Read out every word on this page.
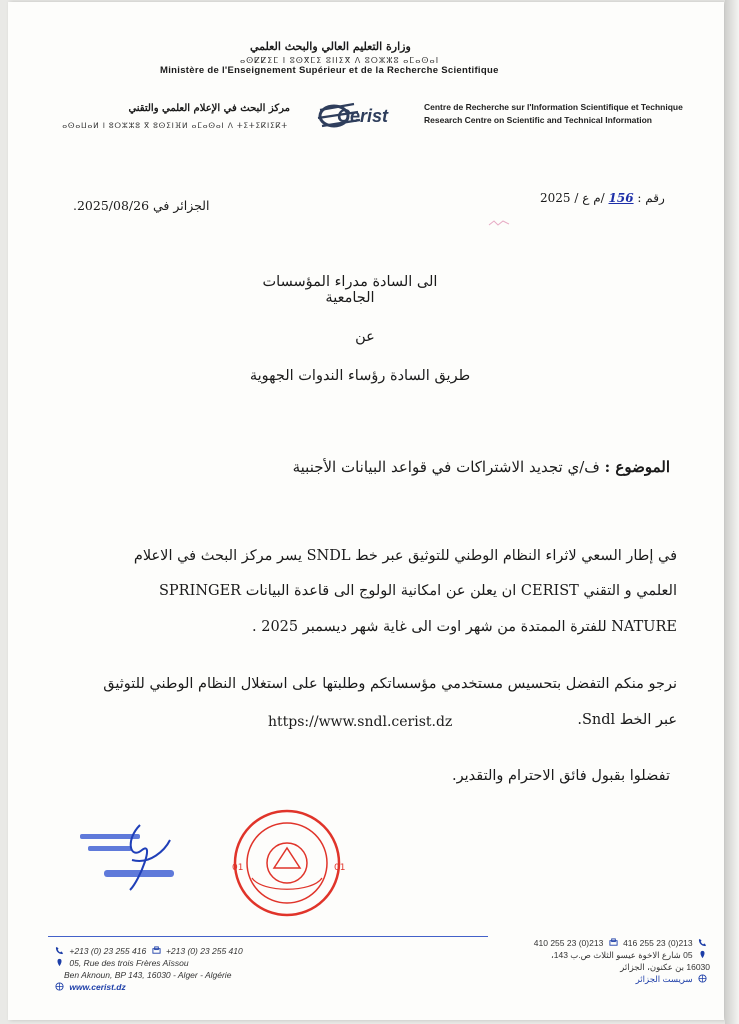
وزارة التعليم العالي والبحث العلمي
ⴰⵙⵇⵇⵉⵎ ⵏ ⵓⵙⴳⵎⵉ ⵓⵏⵏⵉⴳ ⴷ ⵓⵔⵣⵣⵓ ⴰⵎⴰⵙⴰⵏ
Ministère de l'Enseignement Supérieur et de la Recherche Scientifique
مركز البحث في الإعلام العلمي والتقني
ⴰⵙⴰⵡⴰⵍ ⵏ ⵓⵔⵣⵣⵓ ⴳ ⵓⵙⵉⵏⴼⵍ ⴰⵎⴰⵙⴰⵏ ⴷ ⵜⵉⵜⵉⴽⵏⵉⴽⵜ	Cerist	Centre de Recherche sur l'Information Scientifique et Technique
Research Centre on Scientific and Technical Information
رقم : 156 /م ع / 2025
الجزائر في 2025/08/26.
الى السادة مدراء المؤسسات الجامعية
عن
طريق السادة رؤساء الندوات الجهوية
الموضوع : ف/ي تجديد الاشتراكات في قواعد البيانات الأجنبية
في إطار السعي لاثراء النظام الوطني للتوثيق عبر خط SNDL يسر مركز البحث في الاعلام
العلمي و التقني CERIST ان يعلن عن امكانية الولوج الى قاعدة البيانات SPRINGER
NATURE للفترة الممتدة من شهر اوت الى غاية شهر ديسمبر 2025 .
نرجو منكم التفضل بتحسيس مستخدمي مؤسساتكم وطلبتها على استغلال النظام الوطني للتوثيق
عبر الخط Sndl.
https://www.sndl.cerist.dz
تفضلوا بقبول فائق الاحترام والتقدير.
01	01
+213 (0) 23 255 416 +213 (0) 23 255 410
05, Rue des trois Frères Aïssou
Ben Aknoun, BP 143, 16030 - Alger - Algérie
www.cerist.dz
213(0) 23 255 416  213(0) 23 255 410
05 شارع الاخوة عيسو الثلاث ص.ب 143،
16030 بن عكنون، الجزائر
سريست الجزائر
